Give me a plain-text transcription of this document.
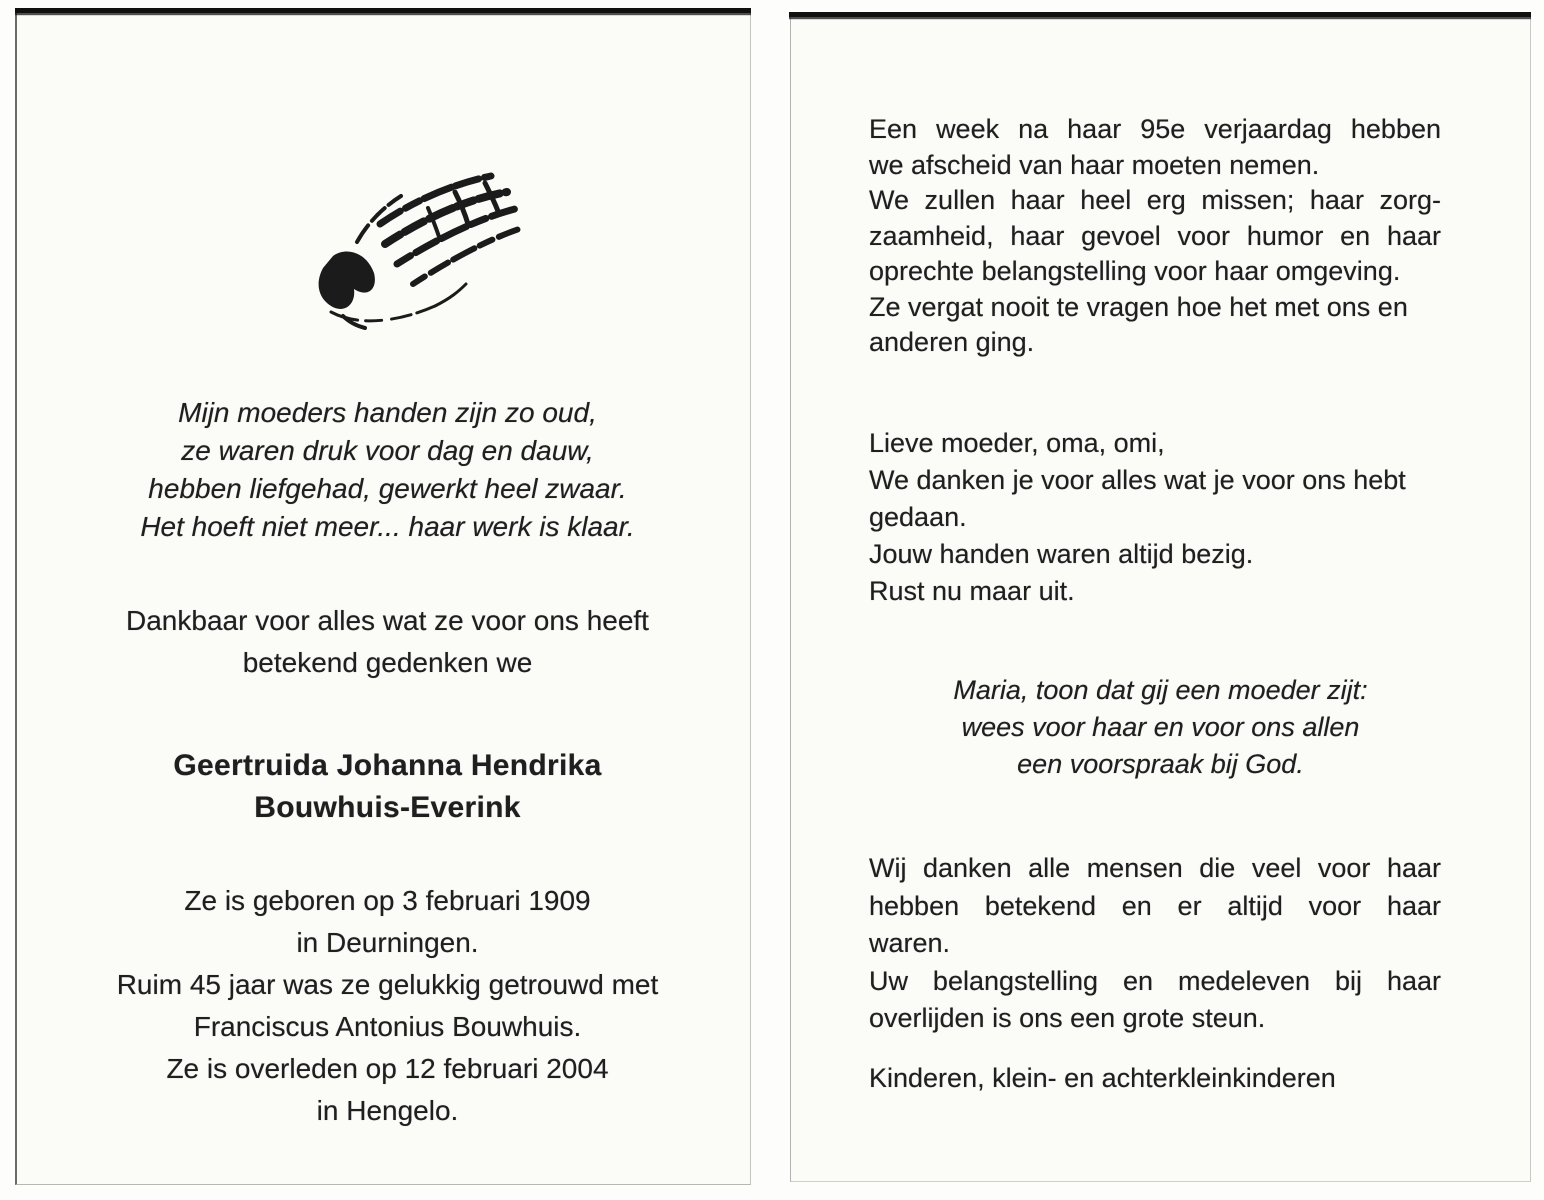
Mijn moeders handen zijn zo oud,
ze waren druk voor dag en dauw,
hebben liefgehad, gewerkt heel zwaar.
Het hoeft niet meer... haar werk is klaar.
Dankbaar voor alles wat ze voor ons heeft
betekend gedenken we
Geertruida Johanna Hendrika
Bouwhuis-Everink
Ze is geboren op 3 februari 1909
in Deurningen.
Ruim 45 jaar was ze gelukkig getrouwd met
Franciscus Antonius Bouwhuis.
Ze is overleden op 12 februari 2004
in Hengelo.
Een week na haar 95e verjaardag hebben
we afscheid van haar moeten nemen.
We zullen haar heel erg missen; haar zorg-
zaamheid, haar gevoel voor humor en haar
oprechte belangstelling voor haar omgeving.
Ze vergat nooit te vragen hoe het met ons en
anderen ging.
Lieve moeder, oma, omi,
We danken je voor alles wat je voor ons hebt
gedaan.
Jouw handen waren altijd bezig.
Rust nu maar uit.
Maria, toon dat gij een moeder zijt:
wees voor haar en voor ons allen
een voorspraak bij God.
Wij danken alle mensen die veel voor haar
hebben betekend en er altijd voor haar
waren.
Uw belangstelling en medeleven bij haar
overlijden is ons een grote steun.
Kinderen, klein- en achterkleinkinderen
